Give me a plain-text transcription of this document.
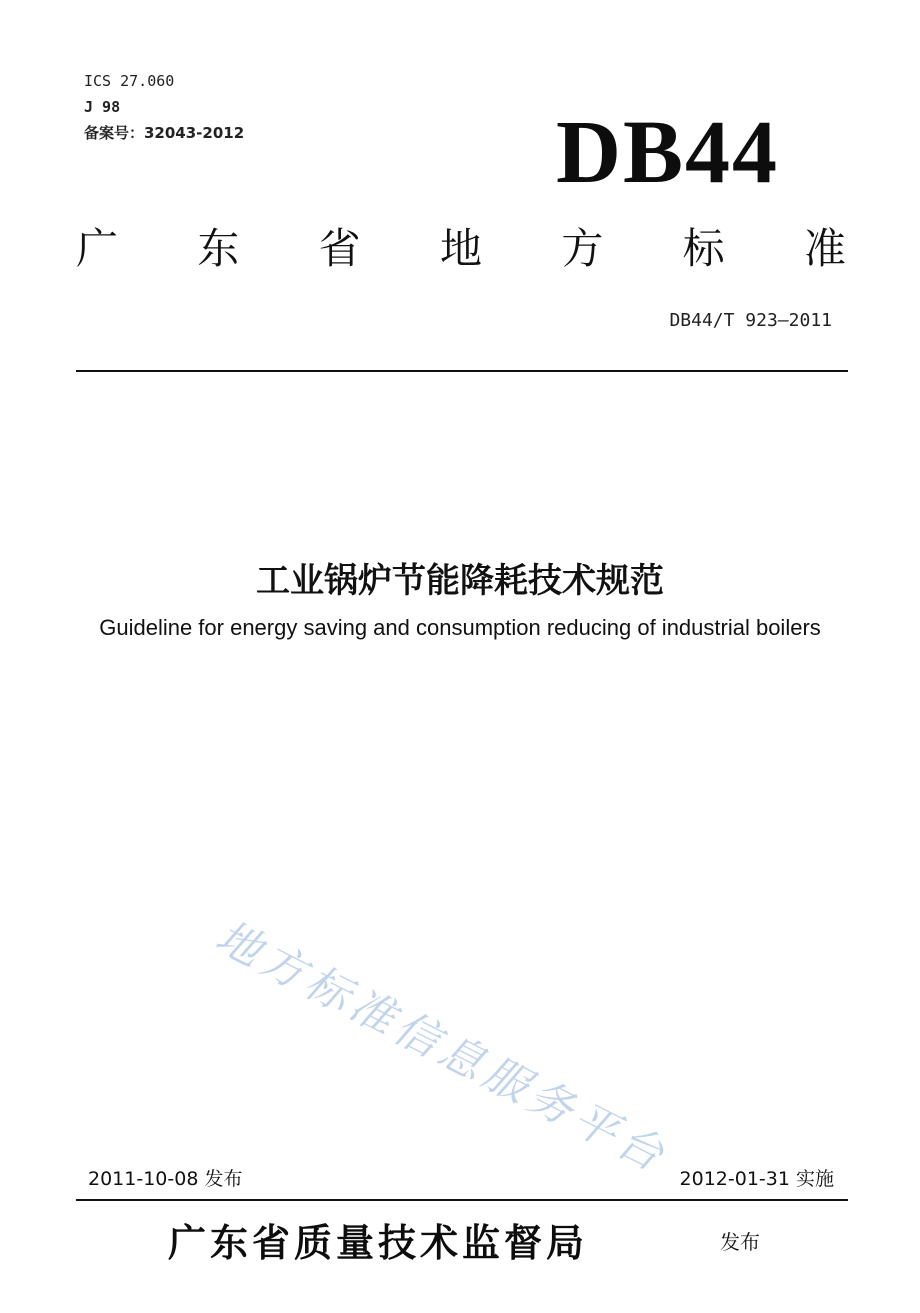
ICS 27.060
J 98
备案号：32043-2012	DB44
广 东 省 地 方 标 准
DB44/T 923—2011
工业锅炉节能降耗技术规范
Guideline for energy saving and consumption reducing of industrial boilers
地方标准信息服务平台
2011-10-08 发布	2012-01-31 实施
广东省质量技术监督局	发布
